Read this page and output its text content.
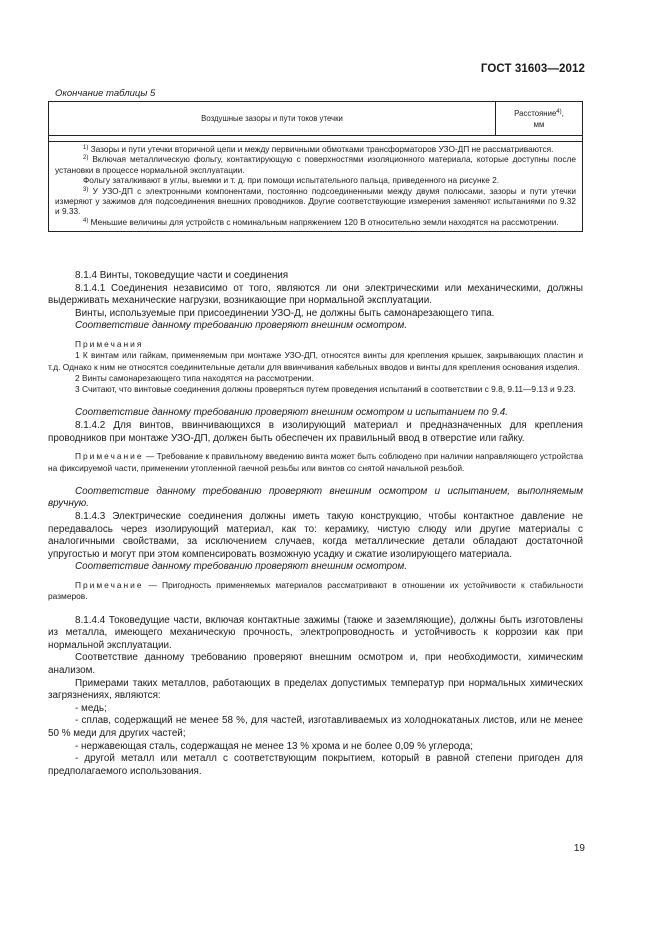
ГОСТ 31603—2012
Окончание таблицы 5
Воздушные зазоры и пути токов утечки
Расстояние$^{4)}$,
мм

$^{1)}$ Зазоры и пути утечки вторичной цепи и между первичными обмотками трансформаторов УЗО-ДП не рассматриваются.

$^{2)}$ Включая металлическую фольгу, контактирующую с поверхностями изоляционного материала, которые доступны после установки в процессе нормальной эксплуатации.

Фольгу заталкивают в углы, выемки и т. д. при помощи испытательного пальца, приведенного на рисунке 2.

$^{3)}$ У УЗО-ДП с электронными компонентами, постоянно подсоединенными между двумя полюсами, зазоры и пути утечки измеряют у зажимов для подсоединения внешних проводников. Другие соответствующие измерения заменяют испытаниями по 9.32 и 9.33.

$^{4)}$ Меньшие величины для устройств с номинальным напряжением 120 В относительно земли находятся на рассмотрении.

8.1.4 Винты, токоведущие части и соединения

8.1.4.1 Соединения независимо от того, являются ли они электрическими или механическими, должны выдерживать механические нагрузки, возникающие при нормальной эксплуатации.

Винты, используемые при присоединении УЗО-Д, не должны быть самонарезающего типа.

Соответствие данному требованию проверяют внешним осмотром.

Примечания

1 К винтам или гайкам, применяемым при монтаже УЗО-ДП, относятся винты для крепления крышек, закрывающих пластин и т.д. Однако к ним не относятся соединительные детали для ввинчивания кабельных вводов и винты для крепления основания изделия.

2 Винты самонарезающего типа находятся на рассмотрении.

3 Считают, что винтовые соединения должны проверяться путем проведения испытаний в соответствии с 9.8, 9.11—9.13 и 9.23.

Соответствие данному требованию проверяют внешним осмотром и испытанием по 9.4.

8.1.4.2 Для винтов, ввинчивающихся в изолирующий материал и предназначенных для крепления проводников при монтаже УЗО-ДП, должен быть обеспечен их правильный ввод в отверстие или гайку.

Примечание — Требование к правильному введению винта может быть соблюдено при наличии направляющего устройства на фиксируемой части, применении утопленной гаечной резьбы или винтов со снятой начальной резьбой.

Соответствие данному требованию проверяют внешним осмотром и испытанием, выполняемым вручную.

8.1.4.3 Электрические соединения должны иметь такую конструкцию, чтобы контактное давление не передавалось через изолирующий материал, как то: керамику, чистую слюду или другие материалы с аналогичными свойствами, за исключением случаев, когда металлические детали обладают достаточной упругостью и могут при этом компенсировать возможную усадку и сжатие изолирующего материала.

Соответствие данному требованию проверяют внешним осмотром.

Примечание — Пригодность применяемых материалов рассматривают в отношении их устойчивости к стабильности размеров.

8.1.4.4 Токоведущие части, включая контактные зажимы (также и заземляющие), должны быть изготовлены из металла, имеющего механическую прочность, электропроводность и устойчивость к коррозии как при нормальной эксплуатации.

Соответствие данному требованию проверяют внешним осмотром и, при необходимости, химическим анализом.

Примерами таких металлов, работающих в пределах допустимых температур при нормальных химических загрязнениях, являются:

- медь;

- сплав, содержащий не менее 58 %, для частей, изготавливаемых из холоднокатаных листов, или не менее 50 % меди для других частей;

- нержавеющая сталь, содержащая не менее 13 % хрома и не более 0,09 % углерода;

- другой металл или металл с соответствующим покрытием, который в равной степени пригоден для предполагаемого использования.

19
